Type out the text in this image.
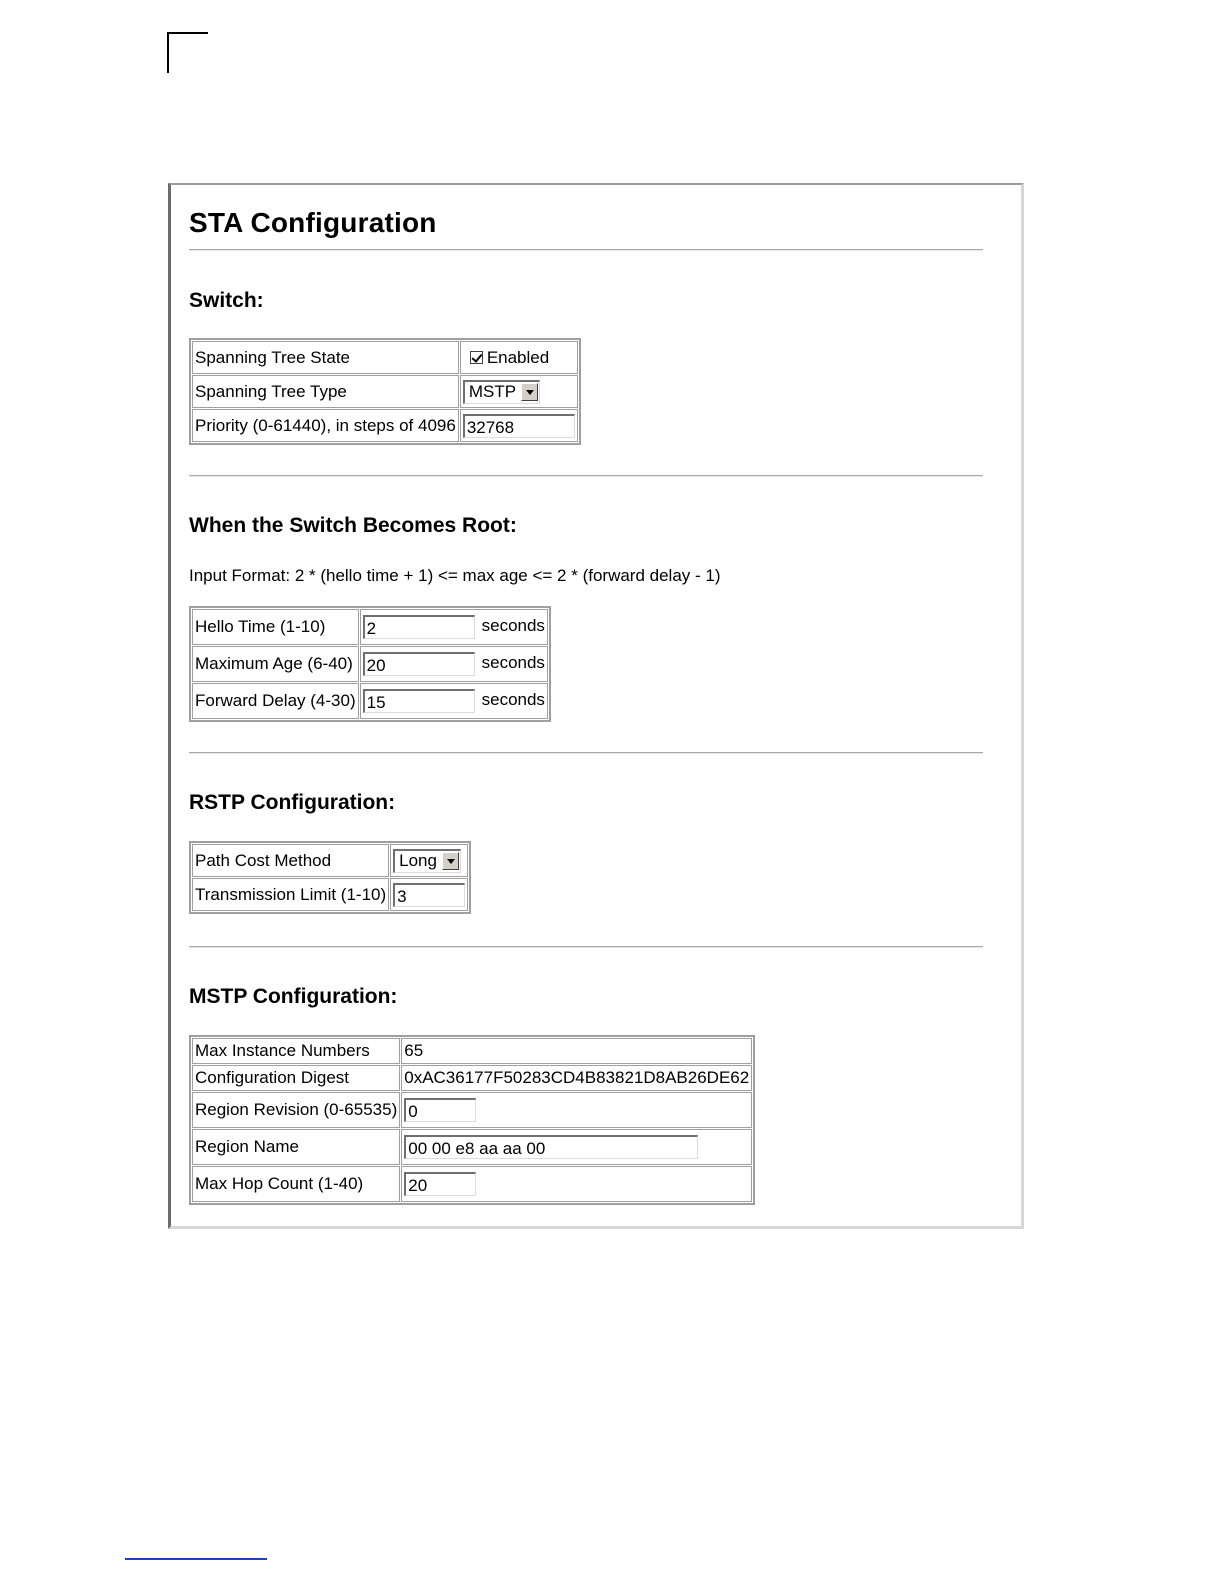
STA Configuration
Switch:
Spanning Tree State	Enabled
Spanning Tree Type	MSTP

Priority (0-61440), in steps of 4096	32768
When the Switch Becomes Root:
Input Format: 2 * (hello time + 1) <= max age <= 2 * (forward delay - 1)
Hello Time (1-10)	2 seconds
Maximum Age (6-40)	20 seconds
Forward Delay (4-30)	15 seconds
RSTP Configuration:
Path Cost Method	Long

Transmission Limit (1-10)	3
MSTP Configuration:
Max Instance Numbers	65
Configuration Digest	0xAC36177F50283CD4B83821D8AB26DE62
Region Revision (0-65535)	0
Region Name	00 00 e8 aa aa 00
Max Hop Count (1-40)	20
